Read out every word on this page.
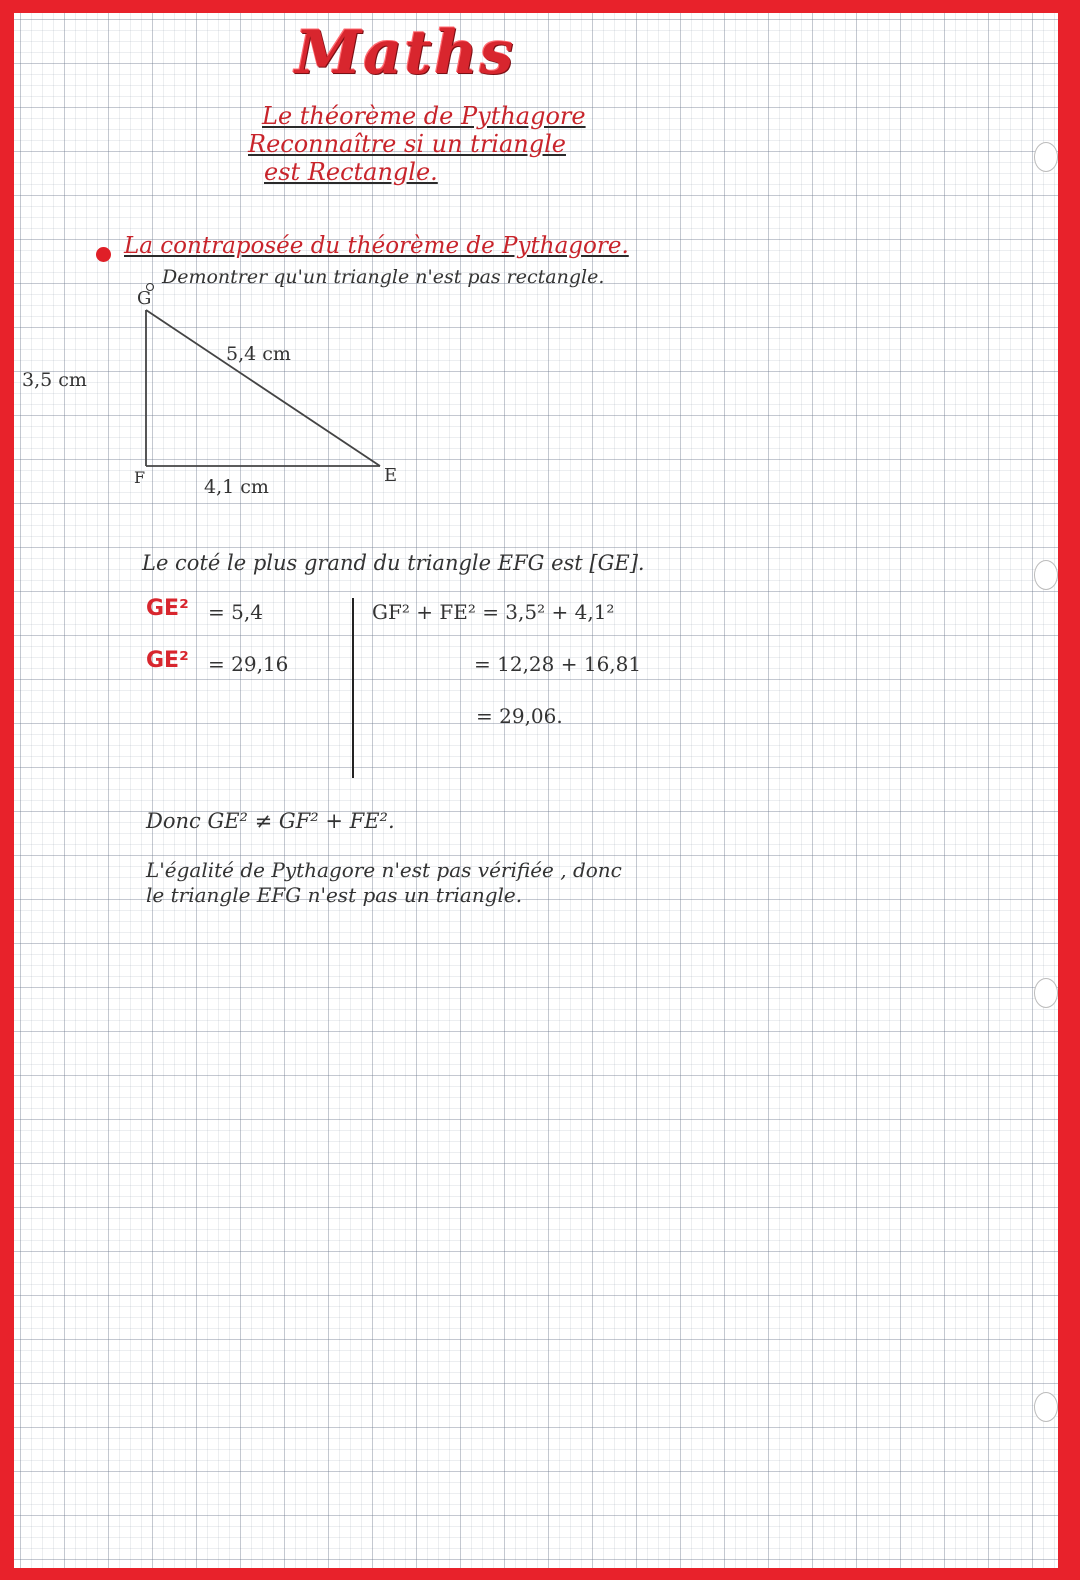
Maths
Le théorème de Pythagore
Reconnaître si un triangle
est Rectangle.
La contraposée du théorème de Pythagore.
Demontrer qu'un triangle n'est pas rectangle.
G
F	E
5,4 cm
3,5 cm
4,1 cm
Le coté le plus grand du triangle EFG est [GE].
GE² = 5,4
GE² = 29,16
GF² + FE² = 3,5² + 4,1²
= 12,28 + 16,81
= 29,06.
Donc GE² ≠ GF² + FE².
L'égalité de Pythagore n'est pas vérifiée , donc
le triangle EFG n'est pas un triangle.
